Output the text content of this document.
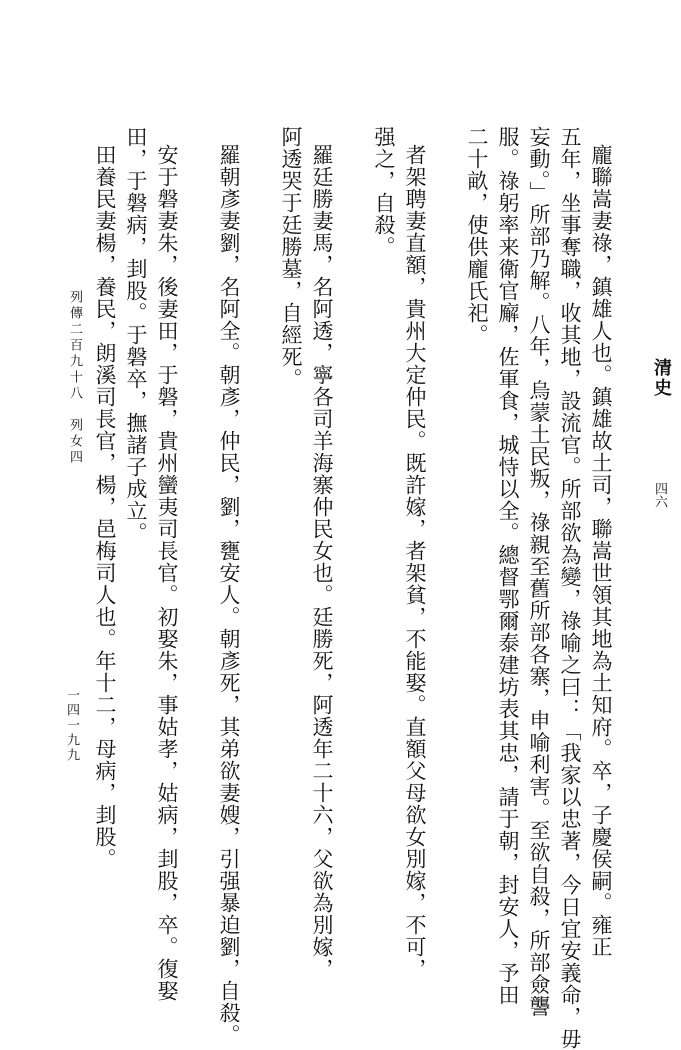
清史
四六
龐聯嵩妻祿，鎮雄人也。鎮雄故土司，聯嵩世領其地為土知府。卒，子慶侯嗣。雍正
五年，坐事奪職，收其地，設流官。所部欲為變，祿喻之曰：「我家以忠著，今日宜安義命，毋
妄動。」所部乃解。八年，烏蒙土民叛，祿親至舊所部各寨，申喻利害。至欲自殺，所部僉讋
服。祿躬率来衛官廨，佐軍食，城恃以全。總督鄂爾泰建坊表其忠，請于朝，封安人，予田
二十畝，使供龐氏祀。
者架聘妻直額，貴州大定仲民。既許嫁，者架貧，不能娶。直額父母欲女別嫁，不可，
强之，自殺。
羅廷勝妻馬，名阿透，寧各司羊海寨仲民女也。廷勝死，阿透年二十六，父欲為別嫁，
阿透哭于廷勝墓，自經死。
羅朝彥妻劉，名阿全。朝彥，仲民，劉，甕安人。朝彥死，其弟欲妻嫂，引强暴迫劉，自殺。
安于磐妻朱，後妻田，于磐，貴州蠻夷司長官。初娶朱，事姑孝，姑病，刲股，卒。復娶
田，于磐病，刲股。于磐卒，撫諸子成立。
田養民妻楊，養民，朗溪司長官，楊，邑梅司人也。年十二，母病，刲股。
列傳二百九十八　列女四
一四一九九
